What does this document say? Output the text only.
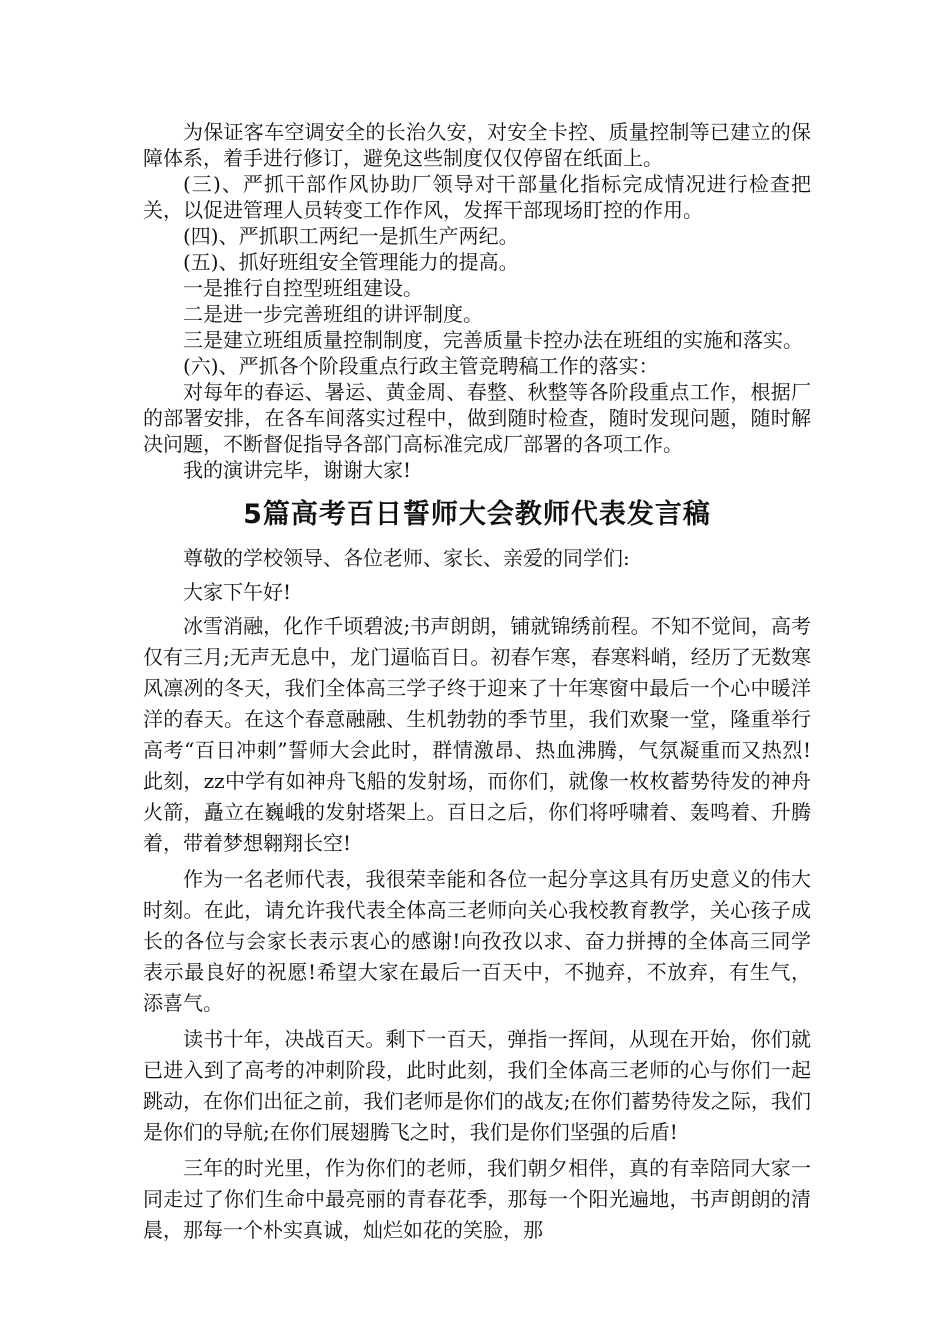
为保证客车空调安全的长治久安，对安全卡控、质量控制等已建立的保障体系，着手进行修订，避免这些制度仅仅停留在纸面上。

(三)、严抓干部作风协助厂领导对干部量化指标完成情况进行检查把关，以促进管理人员转变工作作风，发挥干部现场盯控的作用。

(四)、严抓职工两纪一是抓生产两纪。

(五)、抓好班组安全管理能力的提高。

一是推行自控型班组建设。

二是进一步完善班组的讲评制度。

三是建立班组质量控制制度，完善质量卡控办法在班组的实施和落实。

(六)、严抓各个阶段重点行政主管竞聘稿工作的落实：

对每年的春运、暑运、黄金周、春整、秋整等各阶段重点工作，根据厂的部署安排，在各车间落实过程中，做到随时检查，随时发现问题，随时解决问题，不断督促指导各部门高标准完成厂部署的各项工作。

我的演讲完毕，谢谢大家!

5篇高考百日誓师大会教师代表发言稿

尊敬的学校领导、各位老师、家长、亲爱的同学们:

大家下午好!

冰雪消融，化作千顷碧波;书声朗朗，铺就锦绣前程。不知不觉间，高考仅有三月;无声无息中，龙门逼临百日。初春乍寒，春寒料峭，经历了无数寒风凛冽的冬天，我们全体高三学子终于迎来了十年寒窗中最后一个心中暖洋洋的春天。在这个春意融融、生机勃勃的季节里，我们欢聚一堂，隆重举行高考“百日冲刺”誓师大会此时，群情激昂、热血沸腾，气氛凝重而又热烈!此刻，zz中学有如神舟飞船的发射场，而你们，就像一枚枚蓄势待发的神舟火箭，矗立在巍峨的发射塔架上。百日之后，你们将呼啸着、轰鸣着、升腾着，带着梦想翱翔长空!

作为一名老师代表，我很荣幸能和各位一起分享这具有历史意义的伟大时刻。在此，请允许我代表全体高三老师向关心我校教育教学，关心孩子成长的各位与会家长表示衷心的感谢!向孜孜以求、奋力拼搏的全体高三同学表示最良好的祝愿!希望大家在最后一百天中，不抛弃，不放弃，有生气，添喜气。

读书十年，决战百天。剩下一百天，弹指一挥间，从现在开始，你们就已进入到了高考的冲刺阶段，此时此刻，我们全体高三老师的心与你们一起跳动，在你们出征之前，我们老师是你们的战友;在你们蓄势待发之际，我们是你们的导航;在你们展翅腾飞之时，我们是你们坚强的后盾!

三年的时光里，作为你们的老师，我们朝夕相伴，真的有幸陪同大家一同走过了你们生命中最亮丽的青春花季，那每一个阳光遍地，书声朗朗的清晨，那每一个朴实真诚，灿烂如花的笑脸，那
